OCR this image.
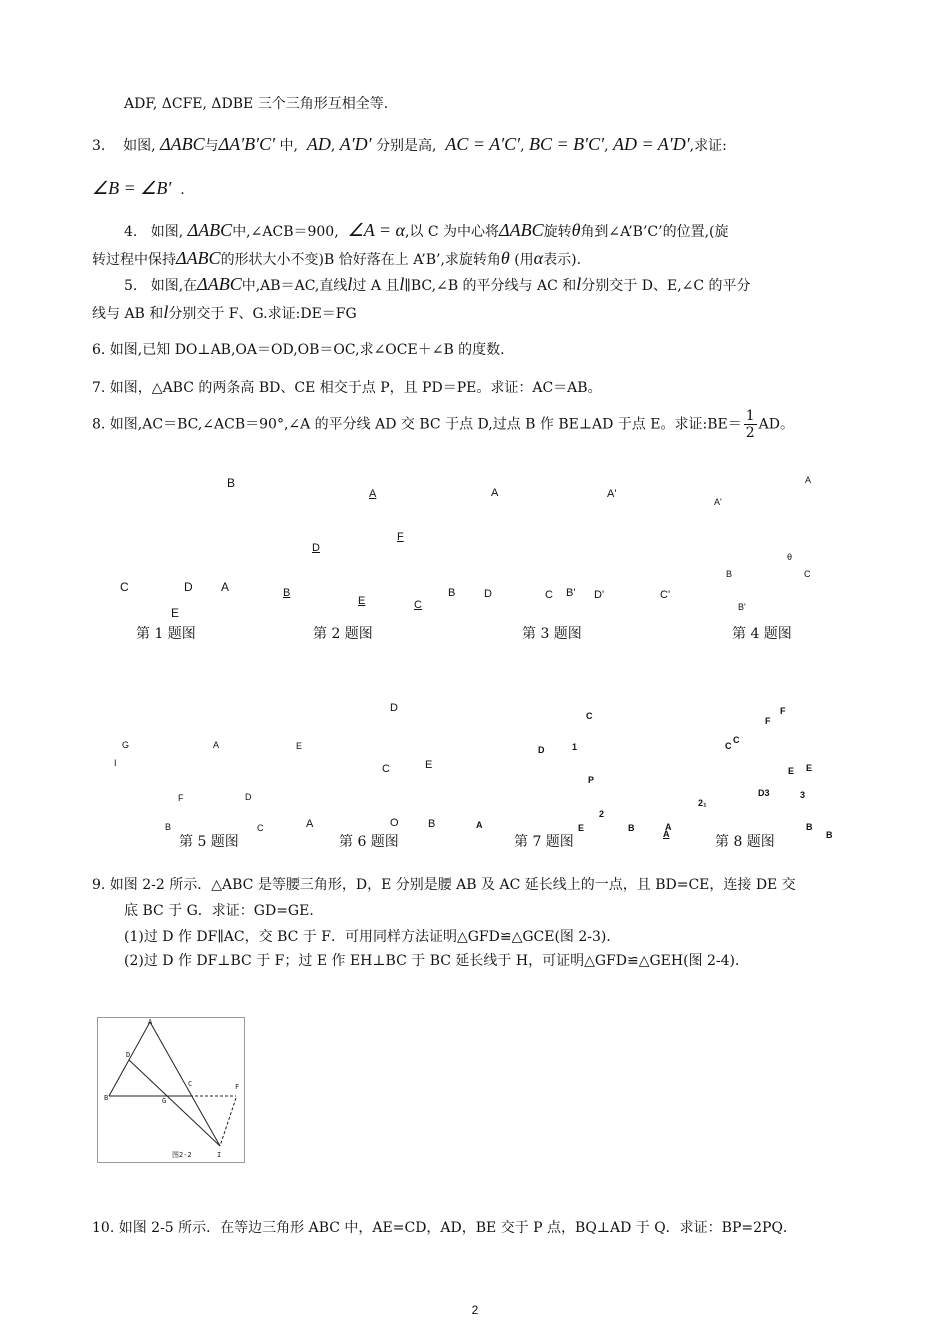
ADF, ΔCFE, ΔDBE 三个三角形互相全等.
3. 如图, ΔABC与ΔA′B′C′ 中, AD, A′D′ 分别是高, AC = A′C′, BC = B′C′, AD = A′D′,求证:
∠B = ∠B′ .
4. 如图, ΔABC中,∠ACB＝900, ∠A = α,以 C 为中心将ΔABC旋转θ角到∠A’B’C’的位置,(旋
转过程中保持ΔABC的形状大小不变)B 恰好落在上 A’B’,求旋转角θ (用α表示).
5. 如图,在ΔABC中,AB＝AC,直线l过 A 且l∥BC,∠B 的平分线与 AC 和l分别交于 D、E,∠C 的平分
线与 AB 和l分别交于 F、G.求证:DE＝FG
6. 如图,已知 DO⊥AB,OA＝OD,OB＝OC,求∠OCE＋∠B 的度数.
7. 如图，△ABC 的两条高 BD、CE 相交于点 P，且 PD＝PE。求证：AC＝AB。
8. 如图,AC＝BC,∠ACB＝90°,∠A 的平分线 AD 交 BC 于点 D,过点 B 作 BE⊥AD 于点 E。求证:BE＝ $\frac{1}{2}$ AD。
B
C	D A
E
A
F
D
B
E	C
A	A'
B	D	C B' D'	C'
A
A'
θ
B	C
B'
第 1 题图	第 2 题图	第 3 题图	第 4 题图
G
I
A	E
F	D
B	C
D
C	E
A	O	B
C
D	1
P
2
A	E	B
F
F
C
C
E
E
D3	3
2₁
B
B
A
A
第 5 题图	第 6 题图	第 7 题图	第 8 题图
9. 如图 2-2 所示．△ABC 是等腰三角形，D，E 分别是腰 AB 及 AC 延长线上的一点，且 BD=CE，连接 DE 交
底 BC 于 G．求证：GD=GE．
(1)过 D 作 DF∥AC，交 BC 于 F．可用同样方法证明△GFD≌△GCE(图 2-3)．
(2)过 D 作 DF⊥BC 于 F；过 E 作 EH⊥BC 于 BC 延长线于 H，可证明△GFD≌△GEH(图 2-4)．
A
D
B	G
C	F
I
图2-2
10. 如图 2-5 所示．在等边三角形 ABC 中，AE=CD，AD，BE 交于 P 点，BQ⊥AD 于 Q．求证：BP=2PQ．
2
